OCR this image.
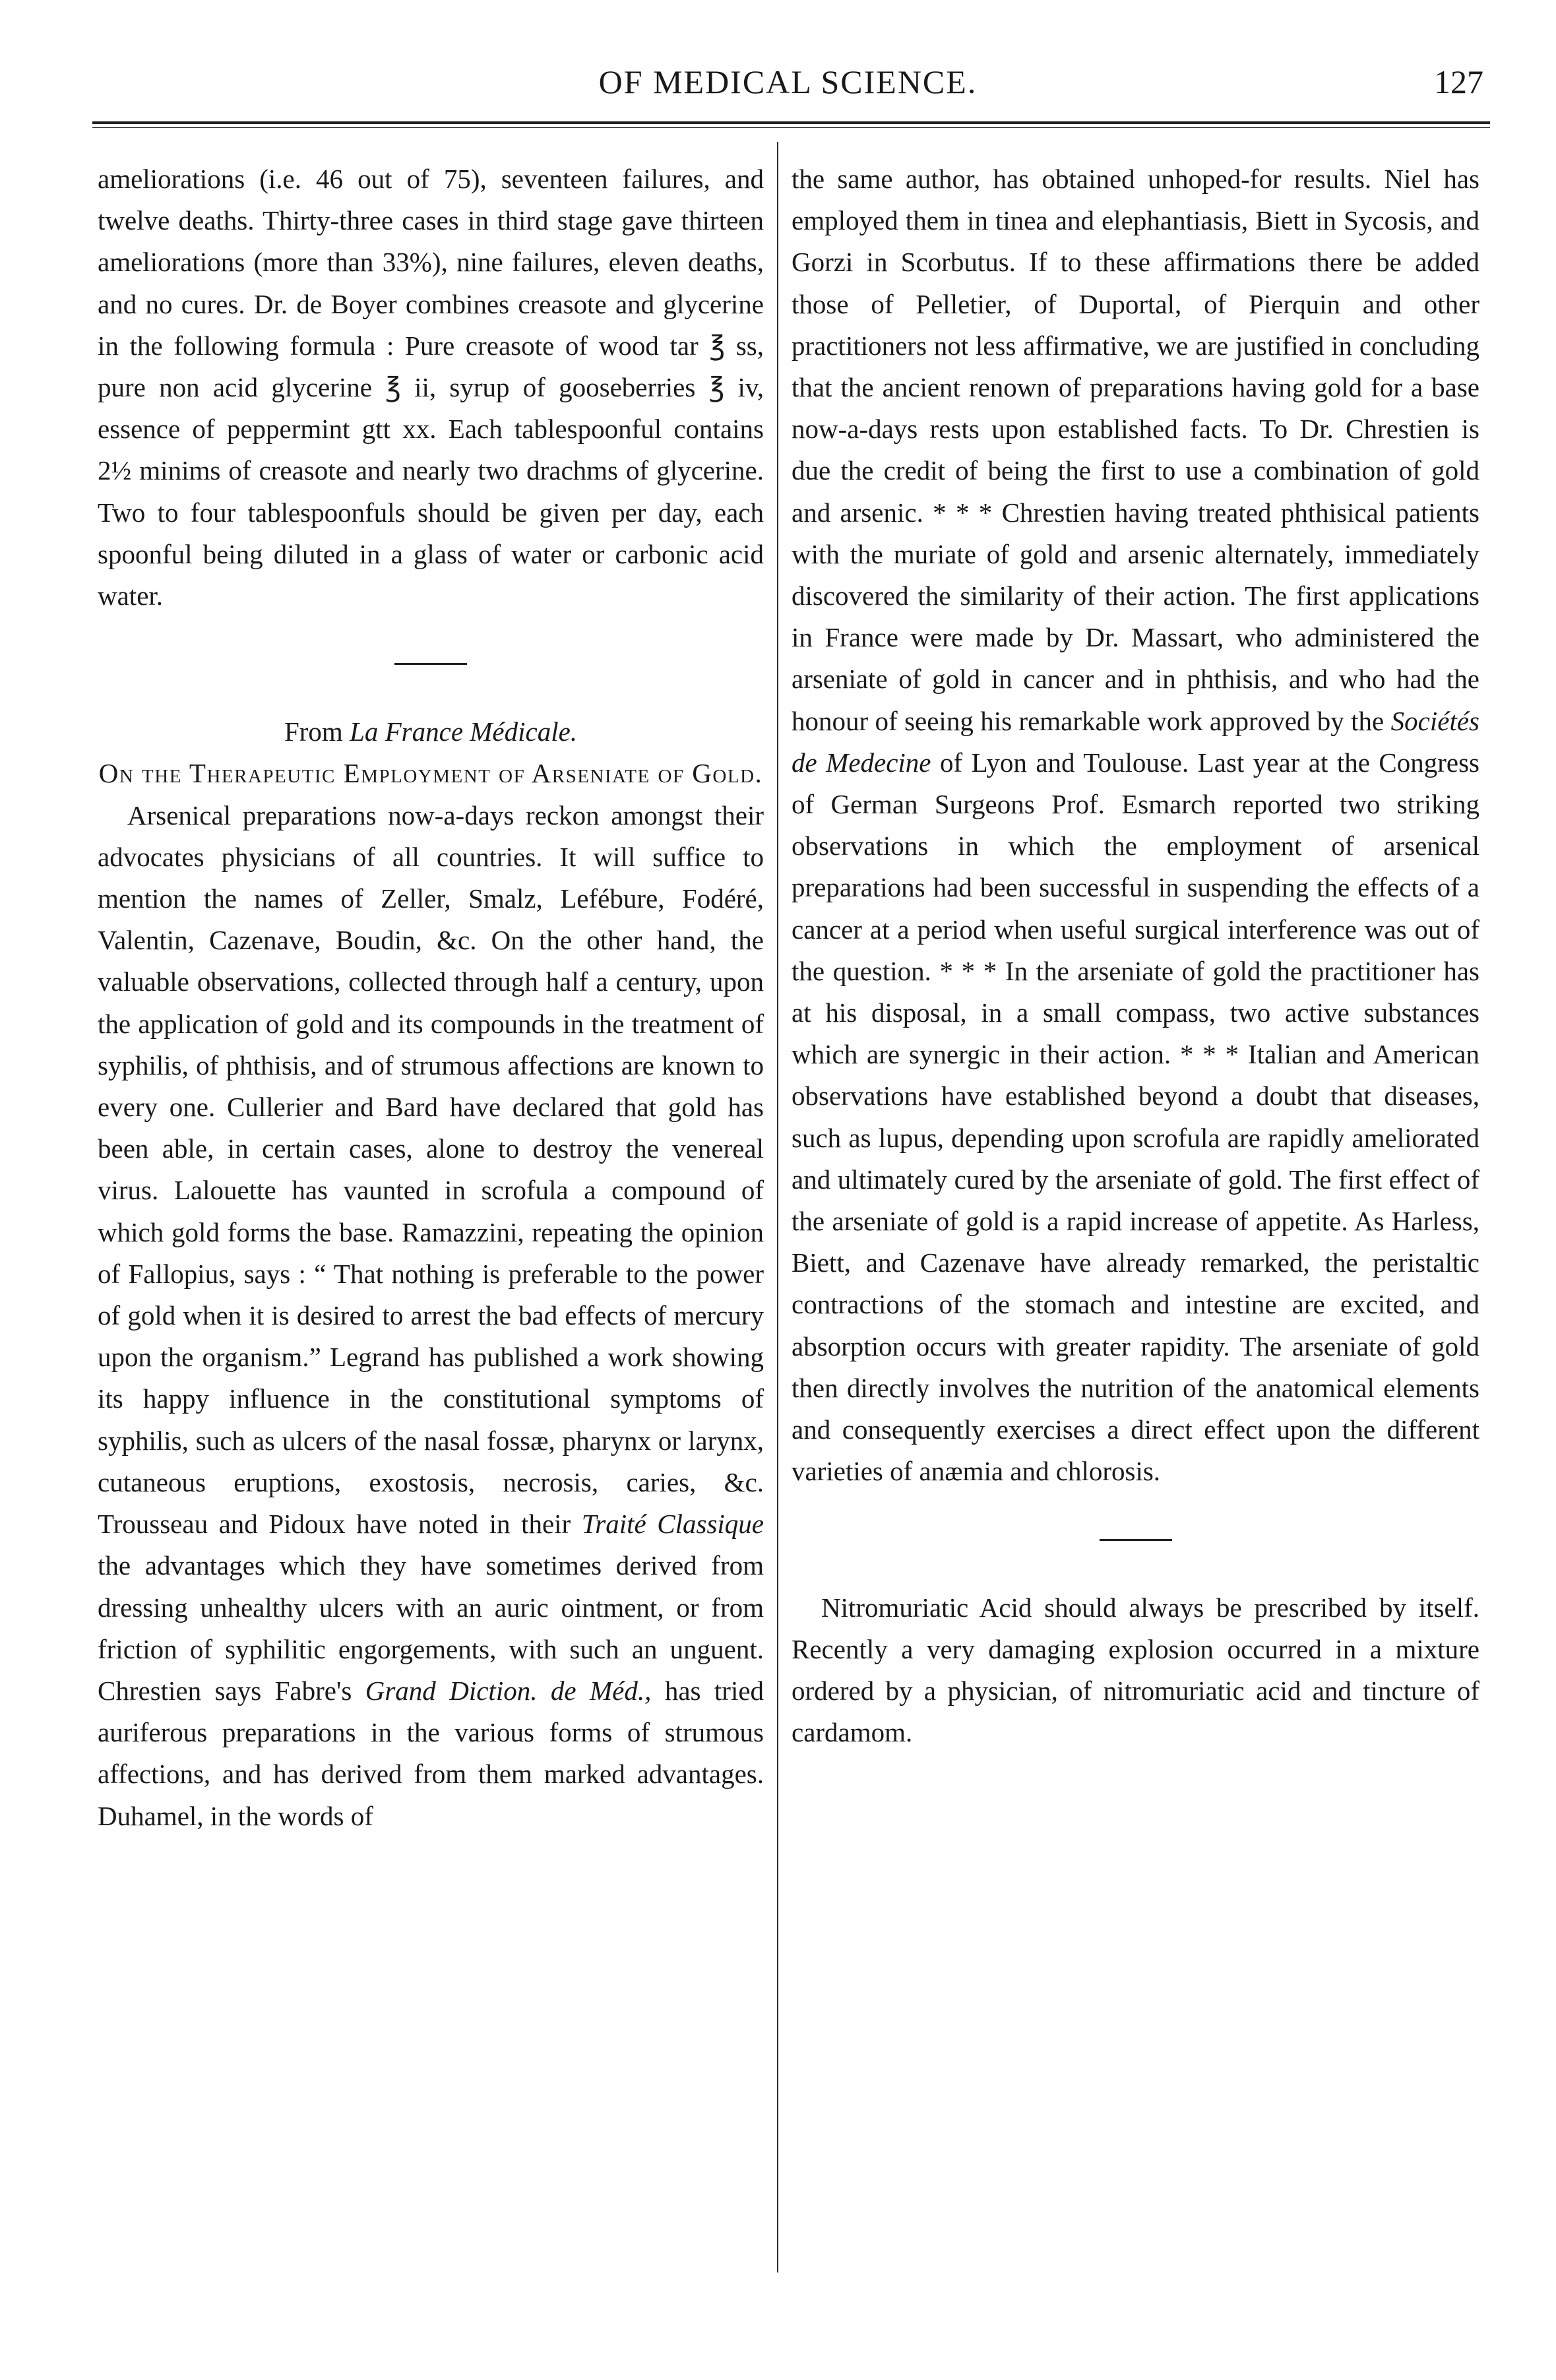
OF MEDICAL SCIENCE.	127

ameliorations (i.e. 46 out of 75), seventeen failures, and twelve deaths. Thirty-three cases in third stage gave thirteen ameliorations (more than 33%), nine failures, eleven deaths, and no cures. Dr. de Boyer combines creasote and glycerine in the following formula : Pure creasote of wood tar ℥ ss, pure non acid glycerine ℥ ii, syrup of gooseberries ℥ iv, essence of peppermint gtt xx. Each tablespoonful contains 2½ minims of creasote and nearly two drachms of glycerine. Two to four tablespoonfuls should be given per day, each spoonful being diluted in a glass of water or carbonic acid water.

From La France Médicale.

On the Therapeutic Employment of Arseniate of Gold.

Arsenical preparations now-a-days reckon amongst their advocates physicians of all countries. It will suffice to mention the names of Zeller, Smalz, Lefébure, Fodéré, Valentin, Cazenave, Boudin, &c. On the other hand, the valuable observations, collected through half a century, upon the application of gold and its compounds in the treatment of syphilis, of phthisis, and of strumous affections are known to every one. Cullerier and Bard have declared that gold has been able, in certain cases, alone to destroy the venereal virus. Lalouette has vaunted in scrofula a compound of which gold forms the base. Ramazzini, repeating the opinion of Fallopius, says : “ That nothing is preferable to the power of gold when it is desired to arrest the bad effects of mercury upon the organism.” Legrand has published a work showing its happy influence in the constitutional symptoms of syphilis, such as ulcers of the nasal fossæ, pharynx or larynx, cutaneous eruptions, exostosis, necrosis, caries, &c. Trousseau and Pidoux have noted in their Traité Classique the advantages which they have sometimes derived from dressing unhealthy ulcers with an auric ointment, or from friction of syphilitic engorgements, with such an unguent. Chrestien says Fabre's Grand Diction. de Méd., has tried auriferous preparations in the various forms of strumous affections, and has derived from them marked advantages. Duhamel, in the words of

the same author, has obtained unhoped-for results. Niel has employed them in tinea and elephantiasis, Biett in Sycosis, and Gorzi in Scorbutus. If to these affirmations there be added those of Pelletier, of Duportal, of Pierquin and other practitioners not less affirmative, we are justified in concluding that the ancient renown of preparations having gold for a base now-a-days rests upon established facts. To Dr. Chrestien is due the credit of being the first to use a combination of gold and arsenic. * * * Chrestien having treated phthisical patients with the muriate of gold and arsenic alternately, immediately discovered the similarity of their action. The first applications in France were made by Dr. Massart, who administered the arseniate of gold in cancer and in phthisis, and who had the honour of seeing his remarkable work approved by the Sociétés de Medecine of Lyon and Toulouse. Last year at the Congress of German Surgeons Prof. Esmarch reported two striking observations in which the employment of arsenical preparations had been successful in suspending the effects of a cancer at a period when useful surgical interference was out of the question. * * * In the arseniate of gold the practitioner has at his disposal, in a small compass, two active substances which are synergic in their action. * * * Italian and American observations have established beyond a doubt that diseases, such as lupus, depending upon scrofula are rapidly ameliorated and ultimately cured by the arseniate of gold. The first effect of the arseniate of gold is a rapid increase of appetite. As Harless, Biett, and Cazenave have already remarked, the peristaltic contractions of the stomach and intestine are excited, and absorption occurs with greater rapidity. The arseniate of gold then directly involves the nutrition of the anatomical elements and consequently exercises a direct effect upon the different varieties of anæmia and chlorosis.

Nitromuriatic Acid should always be prescribed by itself. Recently a very damaging explosion occurred in a mixture ordered by a physician, of nitromuriatic acid and tincture of cardamom.
